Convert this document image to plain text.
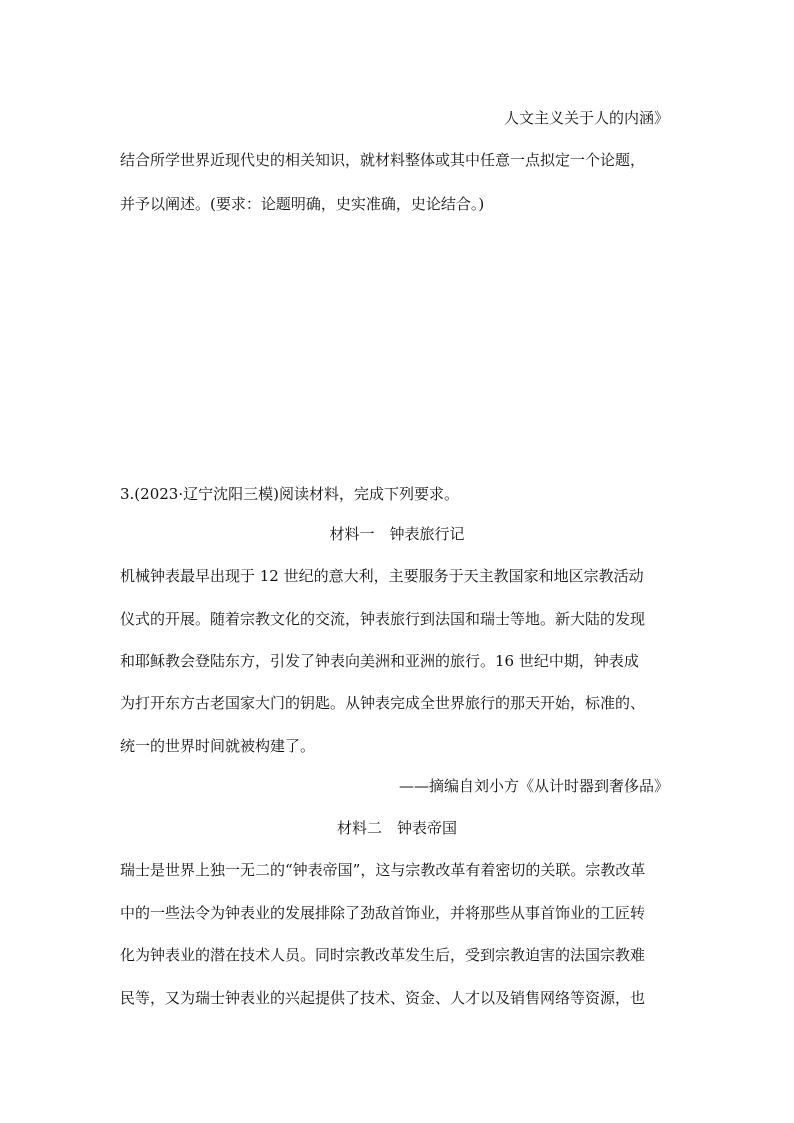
人文主义关于人的内涵》
结合所学世界近现代史的相关知识，就材料整体或其中任意一点拟定一个论题，
并予以阐述。(要求：论题明确，史实准确，史论结合。)
3.(2023·辽宁沈阳三模)阅读材料，完成下列要求。
材料一　钟表旅行记
机械钟表最早出现于 12 世纪的意大利，主要服务于天主教国家和地区宗教活动
仪式的开展。随着宗教文化的交流，钟表旅行到法国和瑞士等地。新大陆的发现
和耶稣教会登陆东方，引发了钟表向美洲和亚洲的旅行。16 世纪中期，钟表成
为打开东方古老国家大门的钥匙。从钟表完成全世界旅行的那天开始，标准的、
统一的世界时间就被构建了。
——摘编自刘小方《从计时器到奢侈品》
材料二　钟表帝国
瑞士是世界上独一无二的“钟表帝国”，这与宗教改革有着密切的关联。宗教改革
中的一些法令为钟表业的发展排除了劲敌首饰业，并将那些从事首饰业的工匠转
化为钟表业的潜在技术人员。同时宗教改革发生后，受到宗教迫害的法国宗教难
民等，又为瑞士钟表业的兴起提供了技术、资金、人才以及销售网络等资源，也
